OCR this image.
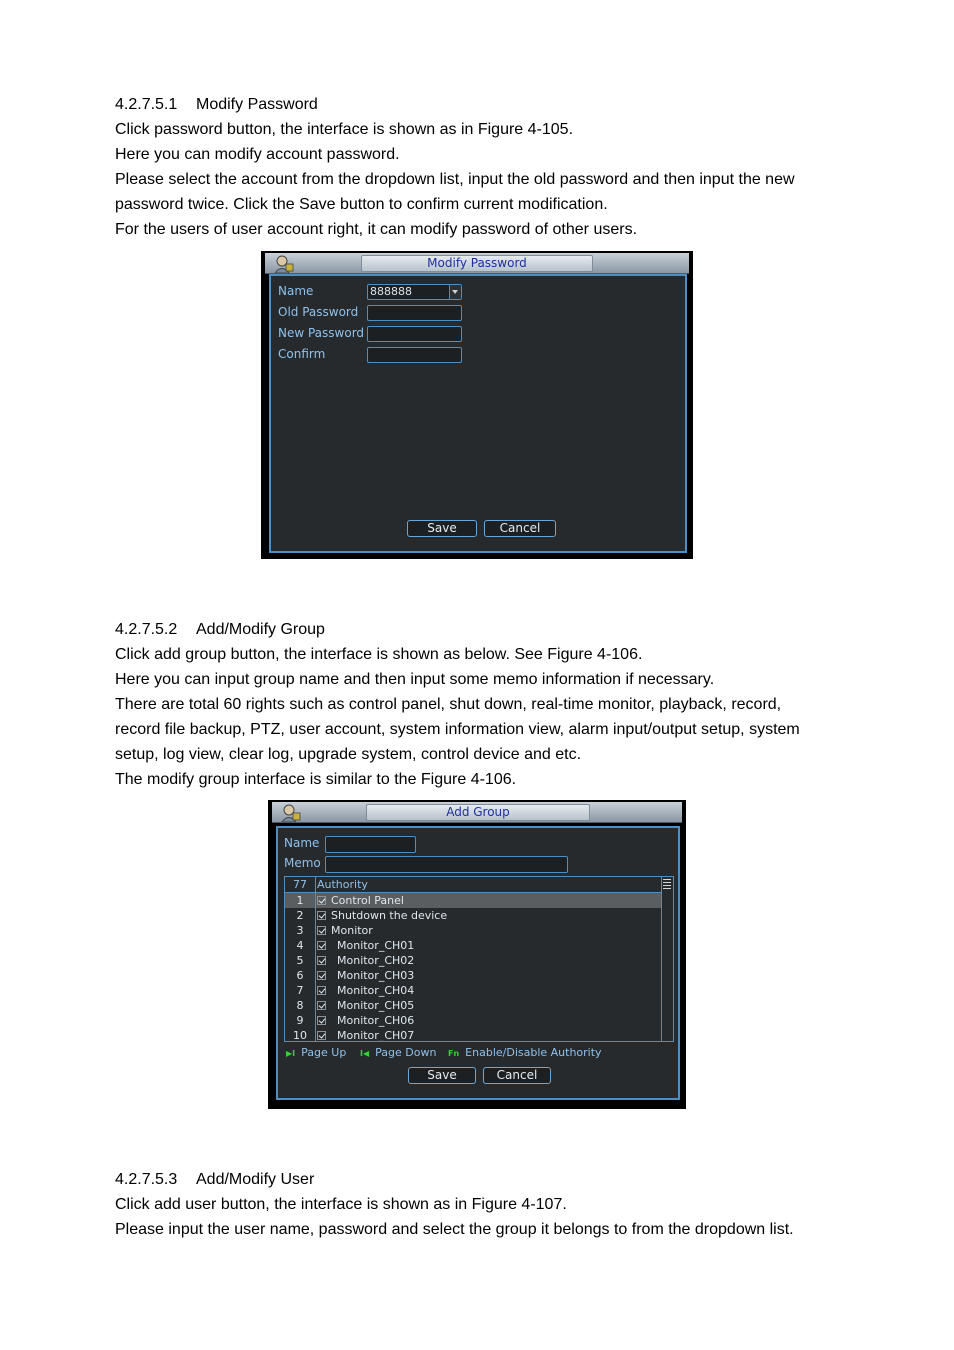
4.2.7.5.1 Modify Password
Click password button, the interface is shown as in Figure 4-105.
Here you can modify account password.
Please select the account from the dropdown list, input the old password and then input the new
password twice. Click the Save button to confirm current modification.
For the users of user account right, it can modify password of other users.
Modify Password
Name	888888
Old Password
New Password
Confirm
Save	Cancel
4.2.7.5.2 Add/Modify Group
Click add group button, the interface is shown as below. See Figure 4-106.
Here you can input group name and then input some memo information if necessary.
There are total 60 rights such as control panel, shut down, real-time monitor, playback, record,
record file backup, PTZ, user account, system information view, alarm input/output setup, system
setup, log view, clear log, upgrade system, control device and etc.
The modify group interface is similar to the Figure 4-106.
Add Group
Name
Memo
77 Authority
1	Control Panel
2	Shutdown the device
3	Monitor
4	Monitor_CH01
5	Monitor_CH02
6	Monitor_CH03
7	Monitor_CH04
8	Monitor_CH05
9	Monitor_CH06
10	Monitor_CH07
▶I Page Up I◀ Page Down Fn Enable/Disable Authority
Save	Cancel
4.2.7.5.3 Add/Modify User
Click add user button, the interface is shown as in Figure 4-107.
Please input the user name, password and select the group it belongs to from the dropdown list.
